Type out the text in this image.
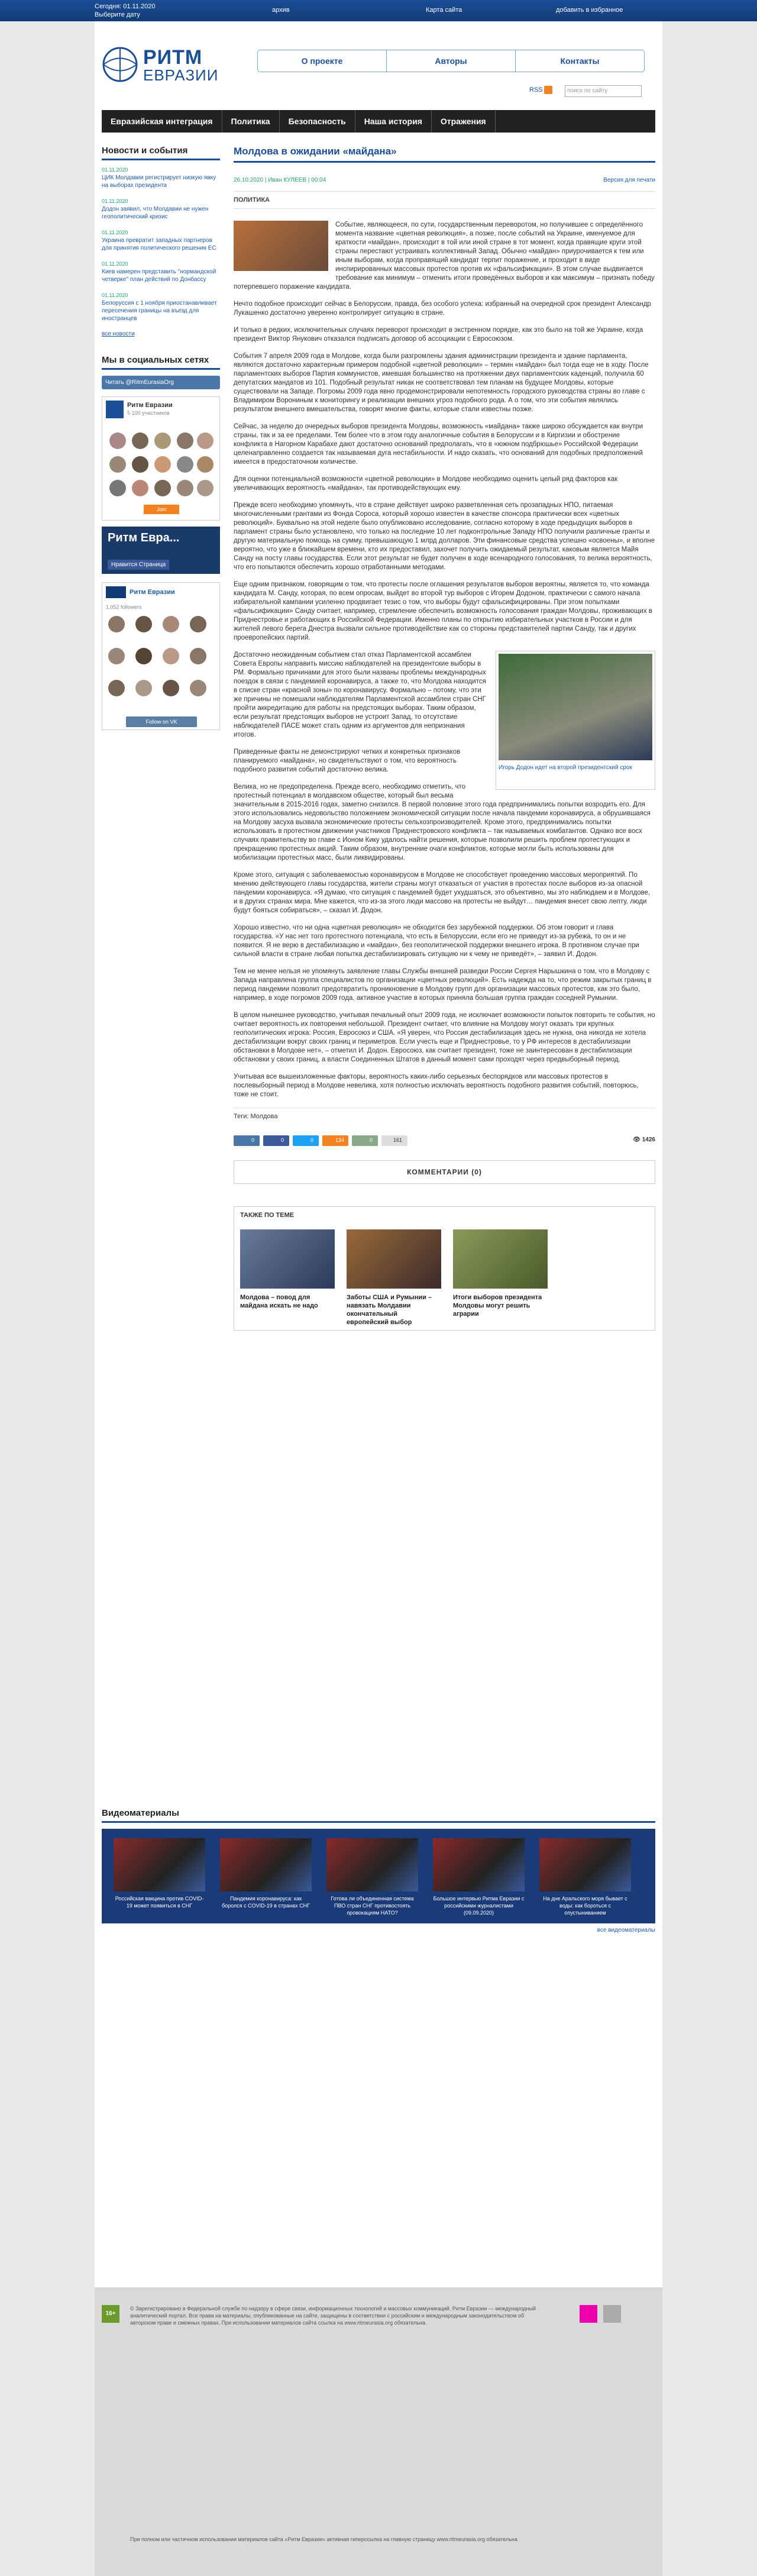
Сегодня: 01.11.2020
Выберите дату
архив	Карта сайта	добавить в избранное
РИТМ
ЕВРАЗИИ
О проекте	Авторы	Контакты
RSS	поиск по сайту
Евразийская интеграция	Политика	Безопасность	Наша история	Отражения
Новости и события
01.11.2020
ЦИК Молдавии регистрирует низкую явку на выборах президента
01.11.2020
Додон заявил, что Молдавии не нужен геополитический кризис
01.11.2020
Украина превратит западных партнеров для принятия политического решения ЕС
01.11.2020
Киев намерен представить "нормандской четверке" план действий по Донбассу
01.11.2020
Белоруссия с 1 ноября приостанавливает пересечения границы на въезд для иностранцев
все новости
Мы в социальных сетях
Читать @RitmEurasiaOrg
Ритм Евразии
5 100 участников
Join
Ритм Евра...
Нравится Страница
Ритм Евразии
1,052 followers
Follow on VK
Молдова в ожидании «майдана»
26.10.2020 | Иван КУЛЕЕВ | 00:04	Версия для печати
ПОЛИТИКА

Событие, являющееся, по сути, государственным переворотом, но получившее с определённого момента название «цветная революция», а позже, после событий на Украине, именуемое для краткости «майдан», происходит в той или иной стране в тот момент, когда правящие круги этой страны перестают устраивать коллективный Запад. Обычно «майдан» приурочивается к тем или иным выборам, когда проправящий кандидат терпит поражение, и проходит в виде инспирированных массовых протестов против их «фальсификации». В этом случае выдвигается требование как минимум – отменить итоги проведённых выборов и как максимум – признать победу потерпевшего поражение кандидата.

Нечто подобное происходит сейчас в Белоруссии, правда, без особого успеха: избранный на очередной срок президент Александр Лукашенко достаточно уверенно контролирует ситуацию в стране.

И только в редких, исключительных случаях переворот происходит в экстренном порядке, как это было на той же Украине, когда президент Виктор Янукович отказался подписать договор об ассоциации с Евросоюзом.

События 7 апреля 2009 года в Молдове, когда были разгромлены здания администрации президента и здание парламента, являются достаточно характерным примером подобной «цветной революции» – термин «майдан» был тогда еще не в ходу. После парламентских выборов Партия коммунистов, имевшая большинство на протяжении двух парламентских каденций, получила 60 депутатских мандатов из 101. Подобный результат никак не соответствовал тем планам на будущее Молдовы, которые существовали на Западе. Погромы 2009 года явно продемонстрировали непотемность городского руководства страны во главе с Владимиром Ворониным к мониторингу и реализации внешних угроз подобного рода. А о том, что эти события являлись результатом внешнего вмешательства, говорят многие факты, которые стали известны позже.

Сейчас, за неделю до очередных выборов президента Молдовы, возможность «майдана» также широко обсуждается как внутри страны, так и за ее пределами. Тем более что в этом году аналогичные события в Белоруссии и в Киргизии и обострение конфликта в Нагорном Карабахе дают достаточно оснований предполагать, что в «южном подбрюшье» Российской Федерации целенаправленно создается так называемая дуга нестабильности. И надо сказать, что оснований для подобных предположений имеется в предостаточном количестве.

Для оценки потенциальной возможности «цветной революции» в Молдове необходимо оценить целый ряд факторов как увеличивающих вероятность «майдана», так противодействующих ему.

Прежде всего необходимо упомянуть, что в стране действует широко разветвленная сеть прозападных НПО, питаемая многочисленными грантами из Фонда Сороса, который хорошо известен в качестве спонсора практически всех «цветных революций». Буквально на этой неделе было опубликовано исследование, согласно которому в ходе предыдущих выборов в парламент страны было установлено, что только на последние 10 лет подконтрольные Западу НПО получили различные гранты и другую материальную помощь на сумму, превышающую 1 млрд долларов. Эти финансовые средства успешно «освоены», и вполне вероятно, что уже в ближайшем времени, кто их предоставил, захочет получить ожидаемый результат, каковым является Майя Санду на посту главы государства. Если этот результат не будет получен в ходе всенародного голосования, то велика вероятность, что его попытаются обеспечить хорошо отработанными методами.

Еще одним признаком, говорящим о том, что протесты после оглашения результатов выборов вероятны, является то, что команда кандидата М. Санду, которая, по всем опросам, выйдет во второй тур выборов с Игорем Додоном, практически с самого начала избирательной кампании усиленно продвигает тезис о том, что выборы будут сфальсифицированы. При этом попытками «фальсификации» Санду считает, например, стремление обеспечить возможность голосования граждан Молдовы, проживающих в Приднестровье и работающих в Российской Федерации. Именно планы по открытию избирательных участков в России и для жителей левого берега Днестра вызвали сильное противодействие как со стороны представителей партии Санду, так и других проевропейских партий.

Игорь Додон идет на второй президентский срок

Достаточно неожиданным событием стал отказ Парламентской ассамблеи Совета Европы направить миссию наблюдателей на президентские выборы в РМ. Формально причинами для этого были названы проблемы международных поездок в связи с пандемией коронавируса, а также то, что Молдова находится в списке стран «красной зоны» по коронавирусу. Формально – потому, что эти же причины не помешали наблюдателям Парламентской ассамблеи стран СНГ пройти аккредитацию для работы на предстоящих выборах. Таким образом, если результат предстоящих выборов не устроит Запад, то отсутствие наблюдателей ПАСЕ может стать одним из аргументов для непризнания итогов.

Приведенные факты не демонстрируют четких и конкретных признаков планируемого «майдана», но свидетельствуют о том, что вероятность подобного развития событий достаточно велика.

Велика, но не предопределена. Прежде всего, необходимо отметить, что протестный потенциал в молдавском обществе, который был весьма значительным в 2015-2016 годах, заметно снизился. В первой половине этого года предпринимались попытки возродить его. Для этого использовались недовольство положением экономической ситуации после начала пандемии коронавируса, а обрушившаяся на Молдову засуха вызвала экономические протесты сельхозпроизводителей. Кроме этого, предпринимались попытки использовать в протестном движении участников Приднестровского конфликта – так называемых комбатантов. Однако все восх случаях правительству во главе с Ионом Кику удалось найти решения, которые позволили решить проблем протестующих и прекращению протестных акций. Таким образом, внутренние очаги конфликтов, которые могли быть использованы для мобилизации протестных масс, были ликвидированы.

Кроме этого, ситуация с заболеваемостью коронавирусом в Молдове не способствует проведению массовых мероприятий. По мнению действующего главы государства, жители страны могут отказаться от участия в протестах после выборов из-за опасной пандемии коронавируса. «Я думаю, что ситуация с пандемией будет ухудшаться, это объективно, мы это наблюдаем и в Молдове, и в других странах мира. Мне кажется, что из-за этого люди массово на протесты не выйдут… пандемия внесет свою лепту, люди будут бояться собираться», – сказал И. Додон.

Хорошо известно, что ни одна «цветная революция» не обходится без зарубежной поддержки. Об этом говорит и глава государства. «У нас нет того протестного потенциала, что есть в Белоруссии, если его не приведут из-за рубежа, то он и не появится. Я не верю в дестабилизацию и «майдан», без геополитической поддержки внешнего игрока. В противном случае при сильной власти в стране любая попытка дестабилизировать ситуацию ни к чему не приведёт», – заявил И. Додон.

Тем не менее нельзя не упомянуть заявление главы Службы внешней разведки России Сергея Нарышкина о том, что в Молдову с Запада направлена группа специалистов по организации «цветных революций». Есть надежда на то, что режим закрытых границ в период пандемии позволит предотвратить проникновение в Молдову групп для организации массовых протестов, как это было, например, в ходе погромов 2009 года, активное участие в которых приняла большая группа граждан соседней Румынии.

В целом нынешнее руководство, учитывая печальный опыт 2009 года, не исключает возможности попыток повторить те события, но считает вероятность их повторения небольшой. Президент считает, что влияние на Молдову могут оказать три крупных геополитических игрока: Россия, Евросоюз и США. «Я уверен, что Россия дестабилизация здесь не нужна, она никогда не хотела дестабилизации вокруг своих границ и периметров. Если учесть еще и Приднестровье, то у РФ интересов в дестабилизации обстановки в Молдове нет», – отметил И. Додон. Евросоюз, как считает президент, тоже не заинтересован в дестабилизации обстановки у своих границ, а власти Соединенных Штатов в данный момент сами проходят через предвыборный период.

Учитывая все вышеизложенные факторы, вероятность каких-либо серьезных беспорядков или массовых протестов в послевыборный период в Молдове невелика, хотя полностью исключать вероятность подобного развития событий, повторюсь, тоже не стоит.

Теги: Молдова
0	0	0	134	0	161	👁 1426
КОММЕНТАРИИ (0)
ТАКЖЕ ПО ТЕМЕ
Молдова – повод для майдана искать не надо
Заботы США и Румынии – навязать Молдавии окончательный европейский выбор
Итоги выборов президента Молдовы могут решить аграрии
Видеоматериалы
Российская вакцина против COVID-19 может появиться в СНГ
Пандемия коронавируса: как боролся с COVID-19 в странах СНГ
Готова ли объединенная система ПВО стран СНГ противостоять провокациям НАТО?
Большое интервью Ритма Евразии с российскими журналистами (09.09.2020)
На дне Аральского моря бывает с воды: как бороться с опустыниванием
все видеоматериалы
16+
© Зарегистрировано в Федеральной службе по надзору в сфере связи, информационных технологий и массовых коммуникаций. Ритм Евразии — международный аналитический портал. Все права на материалы, опубликованные на сайте, защищены в соответствии с российским и международным законодательством об авторском праве и смежных правах. При использовании материалов сайта ссылка на www.ritmeurasia.org обязательна.
При полном или частичном использовании материалов сайта «Ритм Евразии» активная гиперссылка на главную страницу www.ritmeurasia.org обязательна
